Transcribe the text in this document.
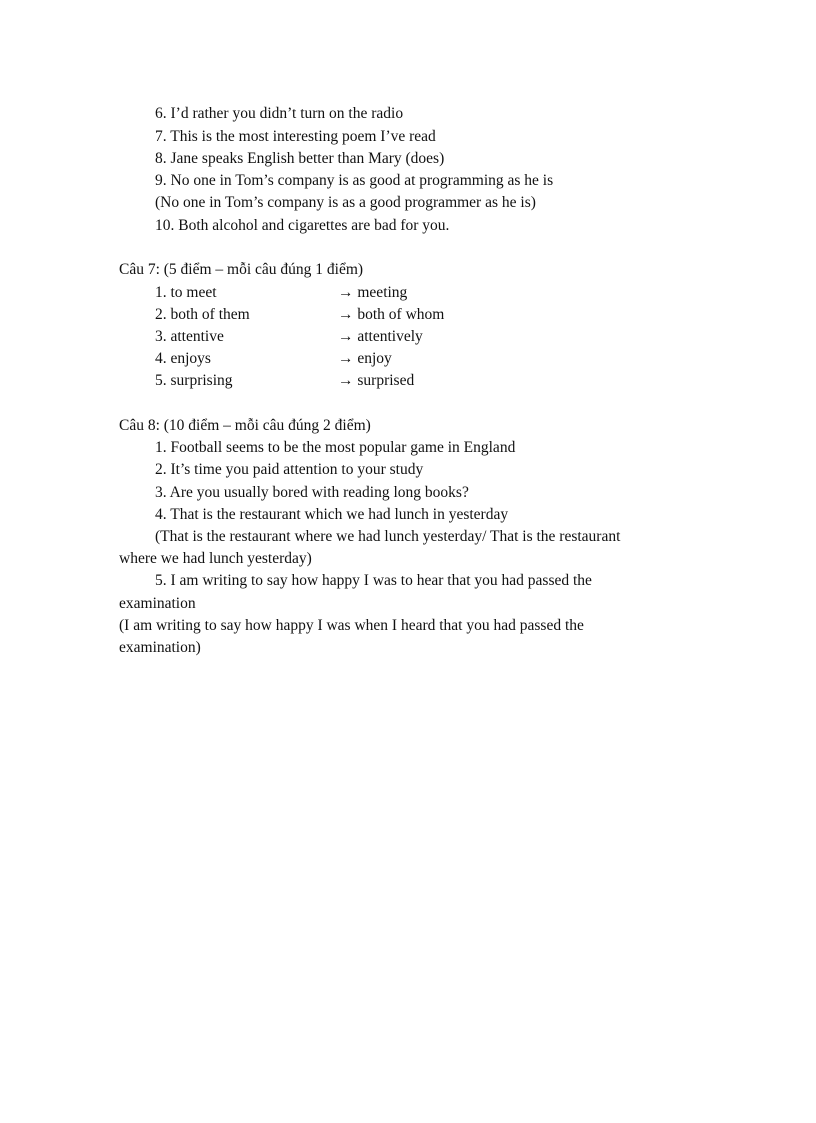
6. I’d rather you didn’t turn on the radio
7. This is the most interesting poem I’ve read
8. Jane speaks English better than Mary (does)
9. No one in Tom’s company is as good at programming as he is
(No one in Tom’s company is as a good programmer as he is)
10. Both alcohol and cigarettes are bad for you.
Câu 7: (5 điểm – mỗi câu đúng 1 điểm)
1. to meet	→ meeting
2. both of them	→ both of whom
3. attentive	→ attentively
4. enjoys	→ enjoy
5. surprising	→ surprised
Câu 8: (10 điểm – mỗi câu đúng 2 điểm)
1. Football seems to be the most popular game in England
2. It’s time you paid attention to your study
3. Are you usually bored with reading long books?
4. That is the restaurant which we had lunch in yesterday
(That is the restaurant where we had lunch yesterday/ That is the restaurant
where we had lunch yesterday)
5. I am writing to say how happy I was to hear that you had passed the
examination
(I am writing to say how happy I was when I heard that you had passed the
examination)
